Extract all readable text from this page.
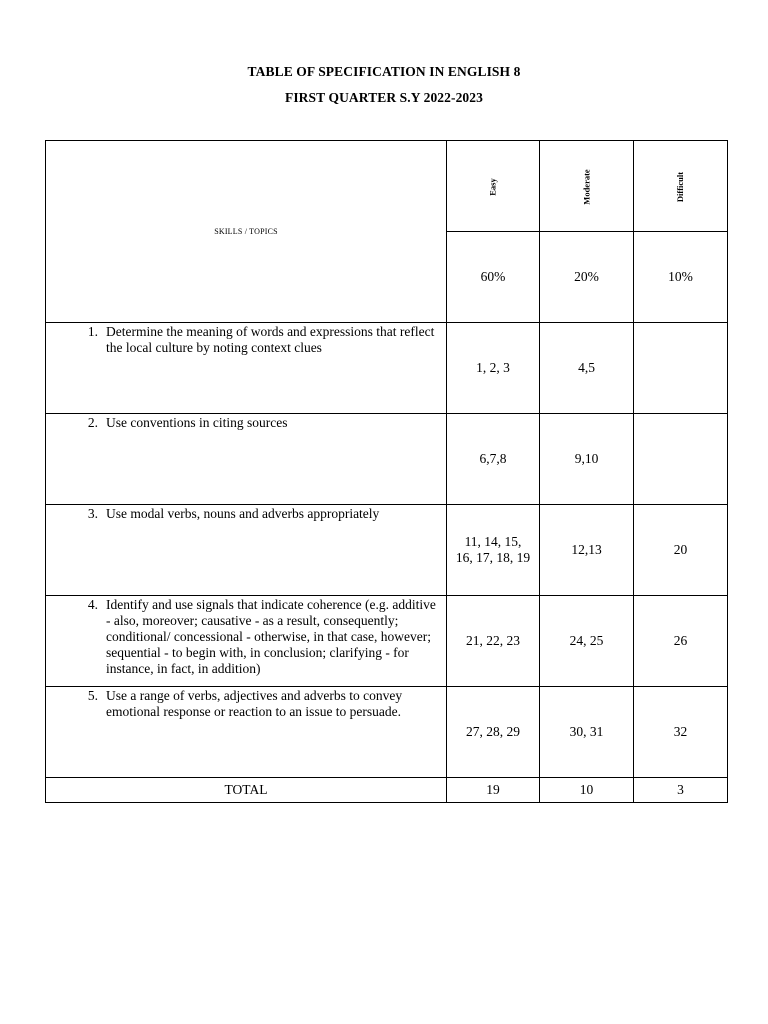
TABLE OF SPECIFICATION IN ENGLISH 8
FIRST QUARTER S.Y 2022-2023
SKILLS / TOPICS	Easy	Moderate	Difficult
	60%	20%	10%

1. Determine the meaning of words and expressions that reflect the local culture by noting context clues	1, 2, 3	4,5	

2. Use conventions in citing sources	6,7,8	9,10	

3. Use modal verbs, nouns and adverbs appropriately	11, 14, 15, 16, 17, 18, 19	12,13	20

4. Identify and use signals that indicate coherence (e.g. additive - also, moreover; causative - as a result, consequently; conditional/ concessional - otherwise, in that case, however; sequential - to begin with, in conclusion; clarifying - for instance, in fact, in addition)	21, 22, 23	24, 25	26

5. Use a range of verbs, adjectives and adverbs to convey emotional response or reaction to an issue to persuade.	27, 28, 29	30, 31	32
TOTAL	19	10	3
